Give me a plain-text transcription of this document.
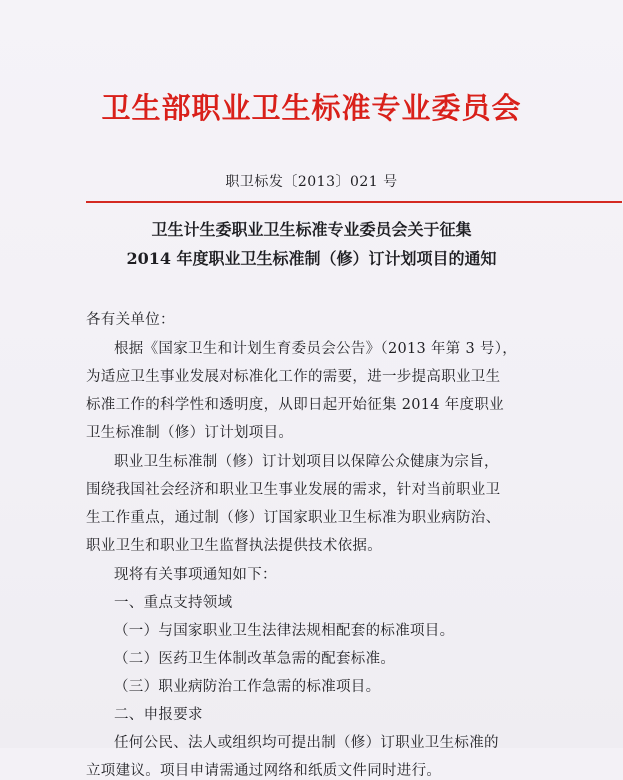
卫生部职业卫生标准专业委员会
职卫标发〔2013〕021 号
卫生计生委职业卫生标准专业委员会关于征集
2014 年度职业卫生标准制（修）订计划项目的通知
各有关单位：
根据《国家卫生和计划生育委员会公告》（2013 年第 3 号），
为适应卫生事业发展对标准化工作的需要，进一步提高职业卫生
标准工作的科学性和透明度，从即日起开始征集 2014 年度职业
卫生标准制（修）订计划项目。
职业卫生标准制（修）订计划项目以保障公众健康为宗旨，
围绕我国社会经济和职业卫生事业发展的需求，针对当前职业卫
生工作重点，通过制（修）订国家职业卫生标准为职业病防治、
职业卫生和职业卫生监督执法提供技术依据。
现将有关事项通知如下：
一、重点支持领域
（一）与国家职业卫生法律法规相配套的标准项目。
（二）医药卫生体制改革急需的配套标准。
（三）职业病防治工作急需的标准项目。
二、申报要求
任何公民、法人或组织均可提出制（修）订职业卫生标准的
立项建议。项目申请需通过网络和纸质文件同时进行。
